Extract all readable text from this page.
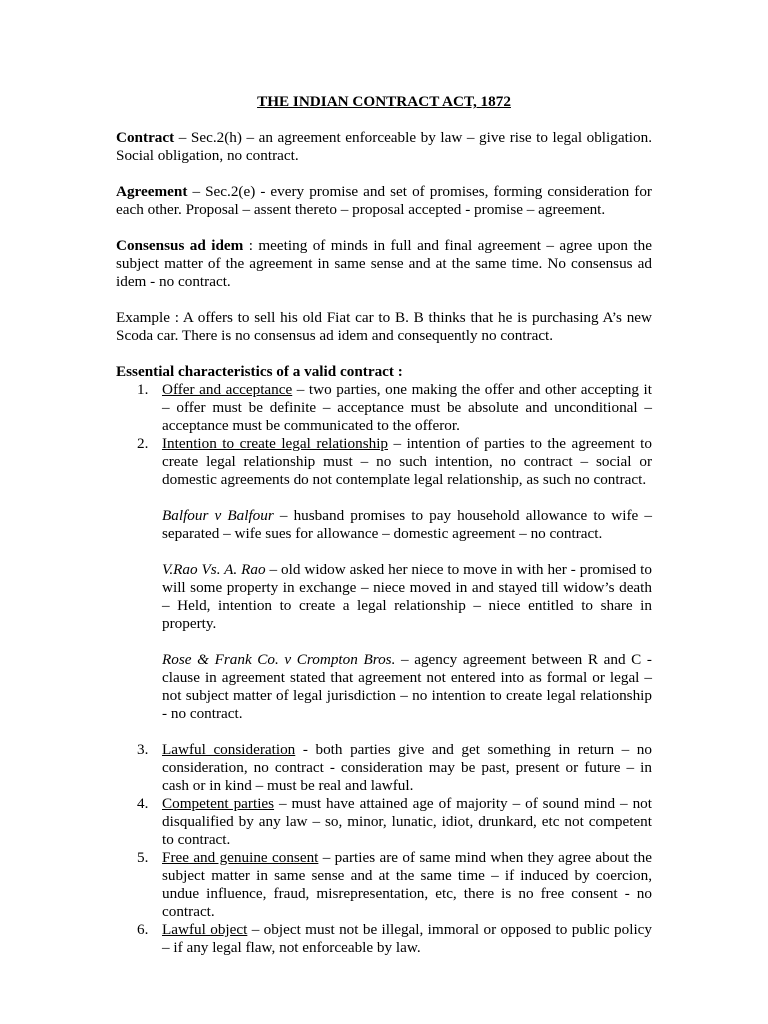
THE INDIAN CONTRACT ACT, 1872

Contract – Sec.2(h) – an agreement enforceable by law – give rise to legal obligation. Social obligation, no contract.

Agreement – Sec.2(e) - every promise and set of promises, forming consideration for each other. Proposal – assent thereto – proposal accepted - promise – agreement.

Consensus ad idem : meeting of minds in full and final agreement – agree upon the subject matter of the agreement in same sense and at the same time. No consensus ad idem - no contract.

Example : A offers to sell his old Fiat car to B. B thinks that he is purchasing A’s new Scoda car. There is no consensus ad idem and consequently no contract.

Essential characteristics of a valid contract :
1. Offer and acceptance – two parties, one making the offer and other accepting it – offer must be definite – acceptance must be absolute and unconditional – acceptance must be communicated to the offeror.
2. Intention to create legal relationship – intention of parties to the agreement to create legal relationship must – no such intention, no contract – social or domestic agreements do not contemplate legal relationship, as such no contract.
Balfour v Balfour – husband promises to pay household allowance to wife – separated – wife sues for allowance – domestic agreement – no contract.
V.Rao Vs. A. Rao – old widow asked her niece to move in with her - promised to will some property in exchange – niece moved in and stayed till widow’s death – Held, intention to create a legal relationship – niece entitled to share in property.
Rose & Frank Co. v Crompton Bros. – agency agreement between R and C - clause in agreement stated that agreement not entered into as formal or legal – not subject matter of legal jurisdiction – no intention to create legal relationship - no contract.
3. Lawful consideration - both parties give and get something in return – no consideration, no contract - consideration may be past, present or future – in cash or in kind – must be real and lawful.
4. Competent parties – must have attained age of majority – of sound mind – not disqualified by any law – so, minor, lunatic, idiot, drunkard, etc not competent to contract.
5. Free and genuine consent – parties are of same mind when they agree about the subject matter in same sense and at the same time – if induced by coercion, undue influence, fraud, misrepresentation, etc, there is no free consent - no contract.
6. Lawful object – object must not be illegal, immoral or opposed to public policy – if any legal flaw, not enforceable by law.
